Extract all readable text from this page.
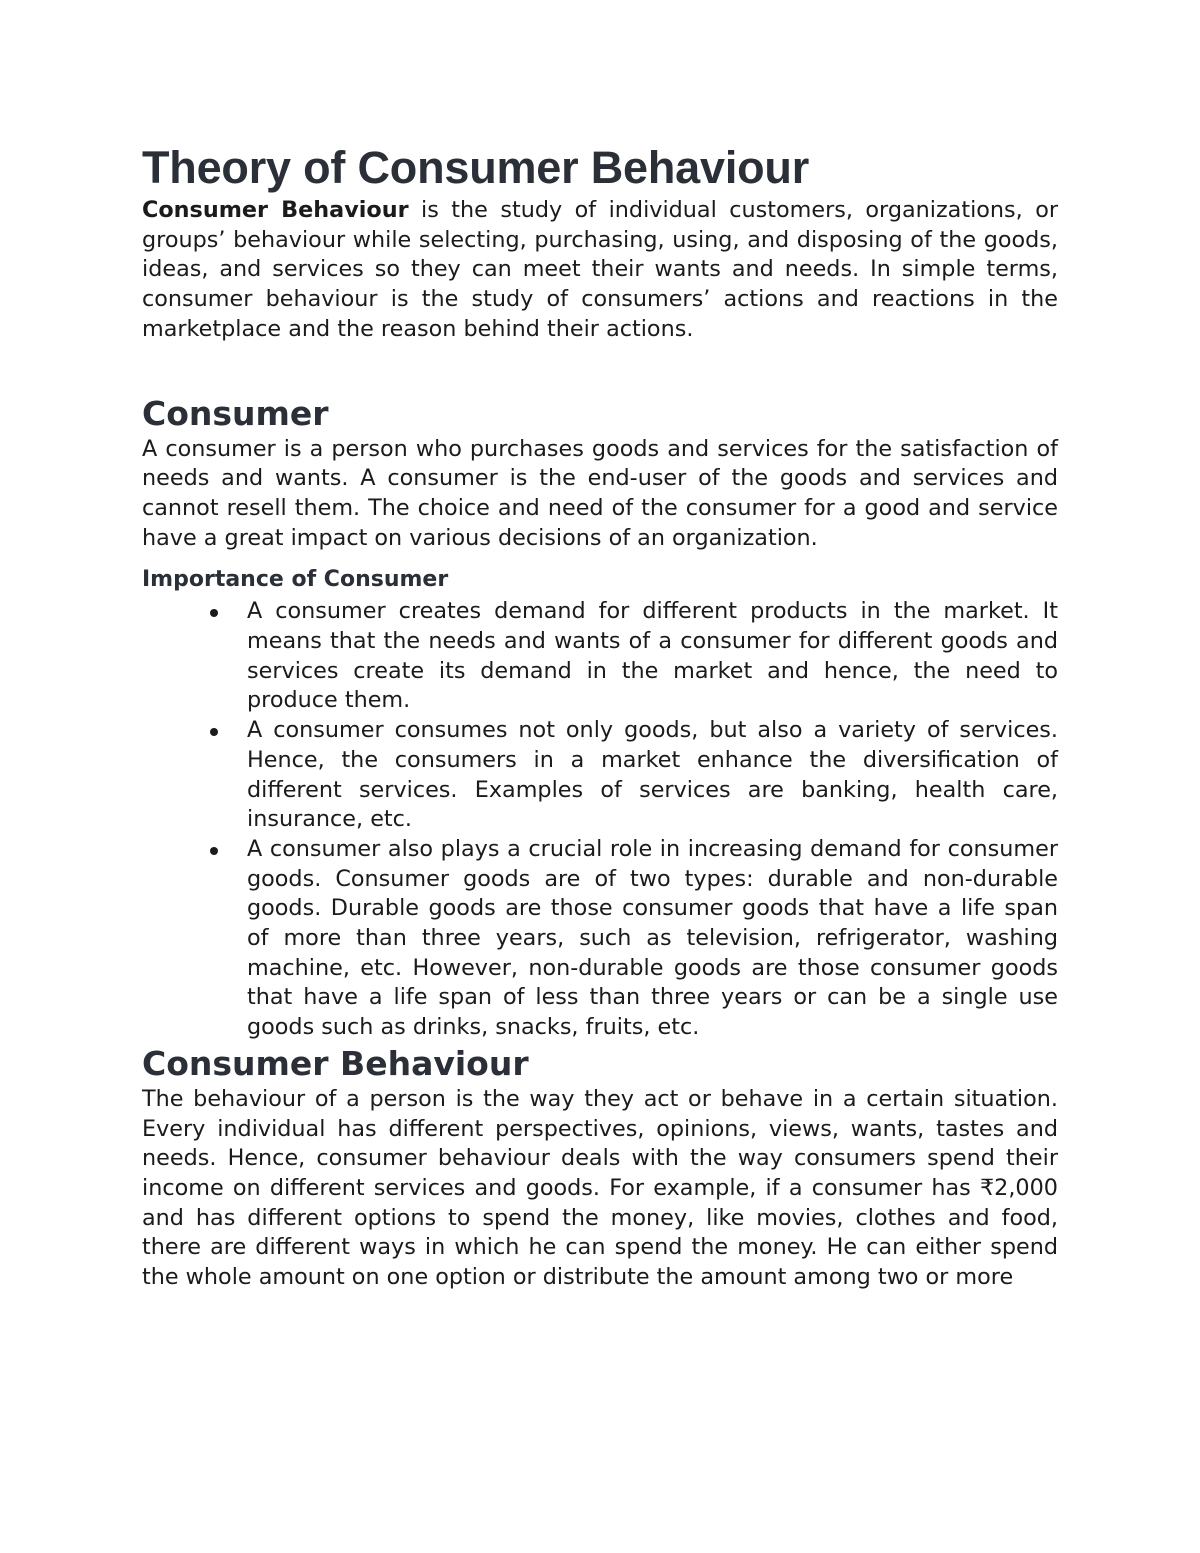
Theory of Consumer Behaviour

Consumer Behaviour is the study of individual customers, organizations, or groups’ behaviour while selecting, purchasing, using, and disposing of the goods, ideas, and services so they can meet their wants and needs. In simple terms, consumer behaviour is the study of consumers’ actions and reactions in the marketplace and the reason behind their actions.

Consumer

A consumer is a person who purchases goods and services for the satisfaction of needs and wants. A consumer is the end-user of the goods and services and cannot resell them. The choice and need of the consumer for a good and service have a great impact on various decisions of an organization.

Importance of Consumer

A consumer creates demand for different products in the market. It means that the needs and wants of a consumer for different goods and services create its demand in the market and hence, the need to produce them.

A consumer consumes not only goods, but also a variety of services. Hence, the consumers in a market enhance the diversification of different services. Examples of services are banking, health care, insurance, etc.

A consumer also plays a crucial role in increasing demand for consumer goods. Consumer goods are of two types: durable and non-durable goods. Durable goods are those consumer goods that have a life span of more than three years, such as television, refrigerator, washing machine, etc. However, non-durable goods are those consumer goods that have a life span of less than three years or can be a single use goods such as drinks, snacks, fruits, etc.

Consumer Behaviour

The behaviour of a person is the way they act or behave in a certain situation. Every individual has different perspectives, opinions, views, wants, tastes and needs. Hence, consumer behaviour deals with the way consumers spend their income on different services and goods. For example, if a consumer has ₹2,000 and has different options to spend the money, like movies, clothes and food, there are different ways in which he can spend the money. He can either spend the whole amount on one option or distribute the amount among two or more
